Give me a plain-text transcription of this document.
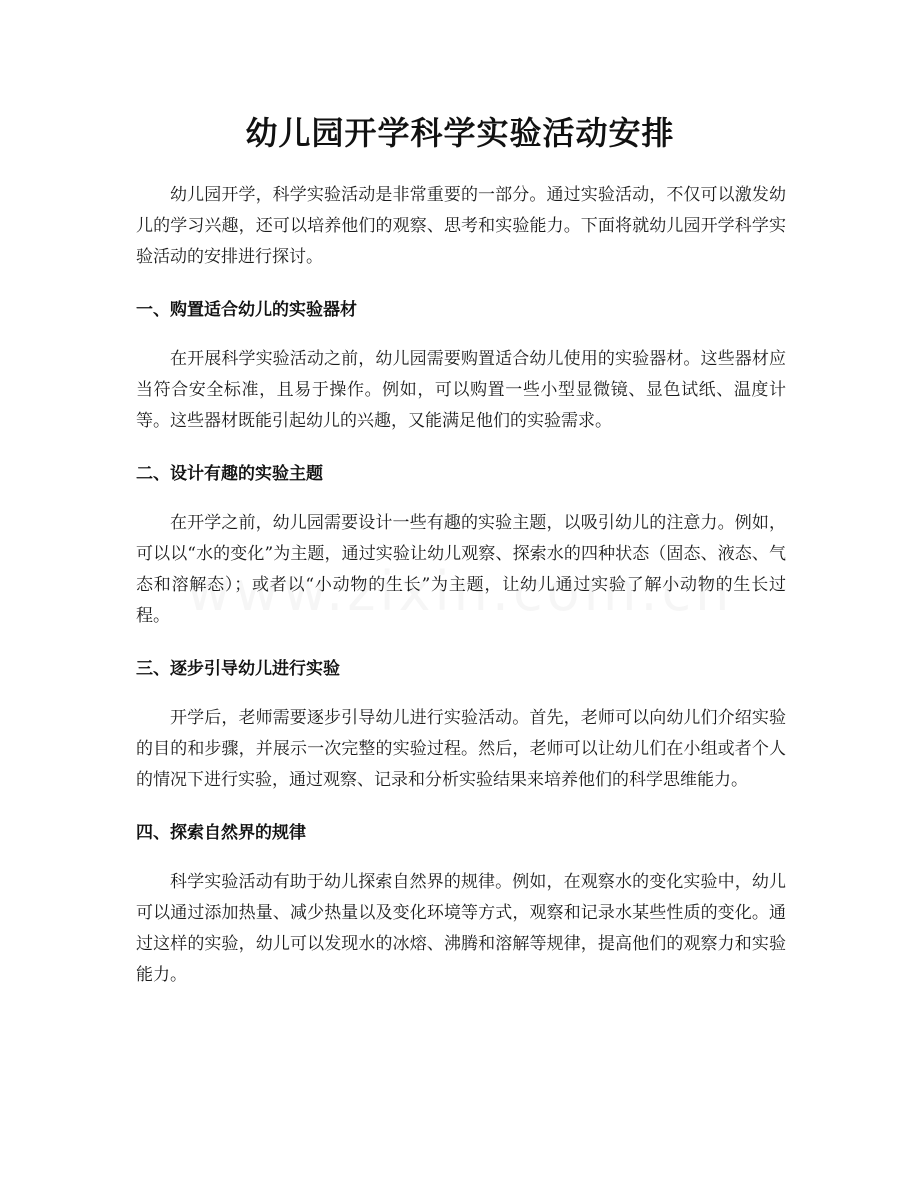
幼儿园开学科学实验活动安排

幼儿园开学，科学实验活动是非常重要的一部分。通过实验活动，不仅可以激发幼儿的学习兴趣，还可以培养他们的观察、思考和实验能力。下面将就幼儿园开学科学实验活动的安排进行探讨。

一、购置适合幼儿的实验器材

在开展科学实验活动之前，幼儿园需要购置适合幼儿使用的实验器材。这些器材应当符合安全标准，且易于操作。例如，可以购置一些小型显微镜、显色试纸、温度计等。这些器材既能引起幼儿的兴趣，又能满足他们的实验需求。

二、设计有趣的实验主题

在开学之前，幼儿园需要设计一些有趣的实验主题，以吸引幼儿的注意力。例如，可以以“水的变化”为主题，通过实验让幼儿观察、探索水的四种状态（固态、液态、气态和溶解态）；或者以“小动物的生长”为主题，让幼儿通过实验了解小动物的生长过程。

三、逐步引导幼儿进行实验

开学后，老师需要逐步引导幼儿进行实验活动。首先，老师可以向幼儿们介绍实验的目的和步骤，并展示一次完整的实验过程。然后，老师可以让幼儿们在小组或者个人的情况下进行实验，通过观察、记录和分析实验结果来培养他们的科学思维能力。

四、探索自然界的规律

科学实验活动有助于幼儿探索自然界的规律。例如，在观察水的变化实验中，幼儿可以通过添加热量、减少热量以及变化环境等方式，观察和记录水某些性质的变化。通过这样的实验，幼儿可以发现水的冰熔、沸腾和溶解等规律，提高他们的观察力和实验能力。
